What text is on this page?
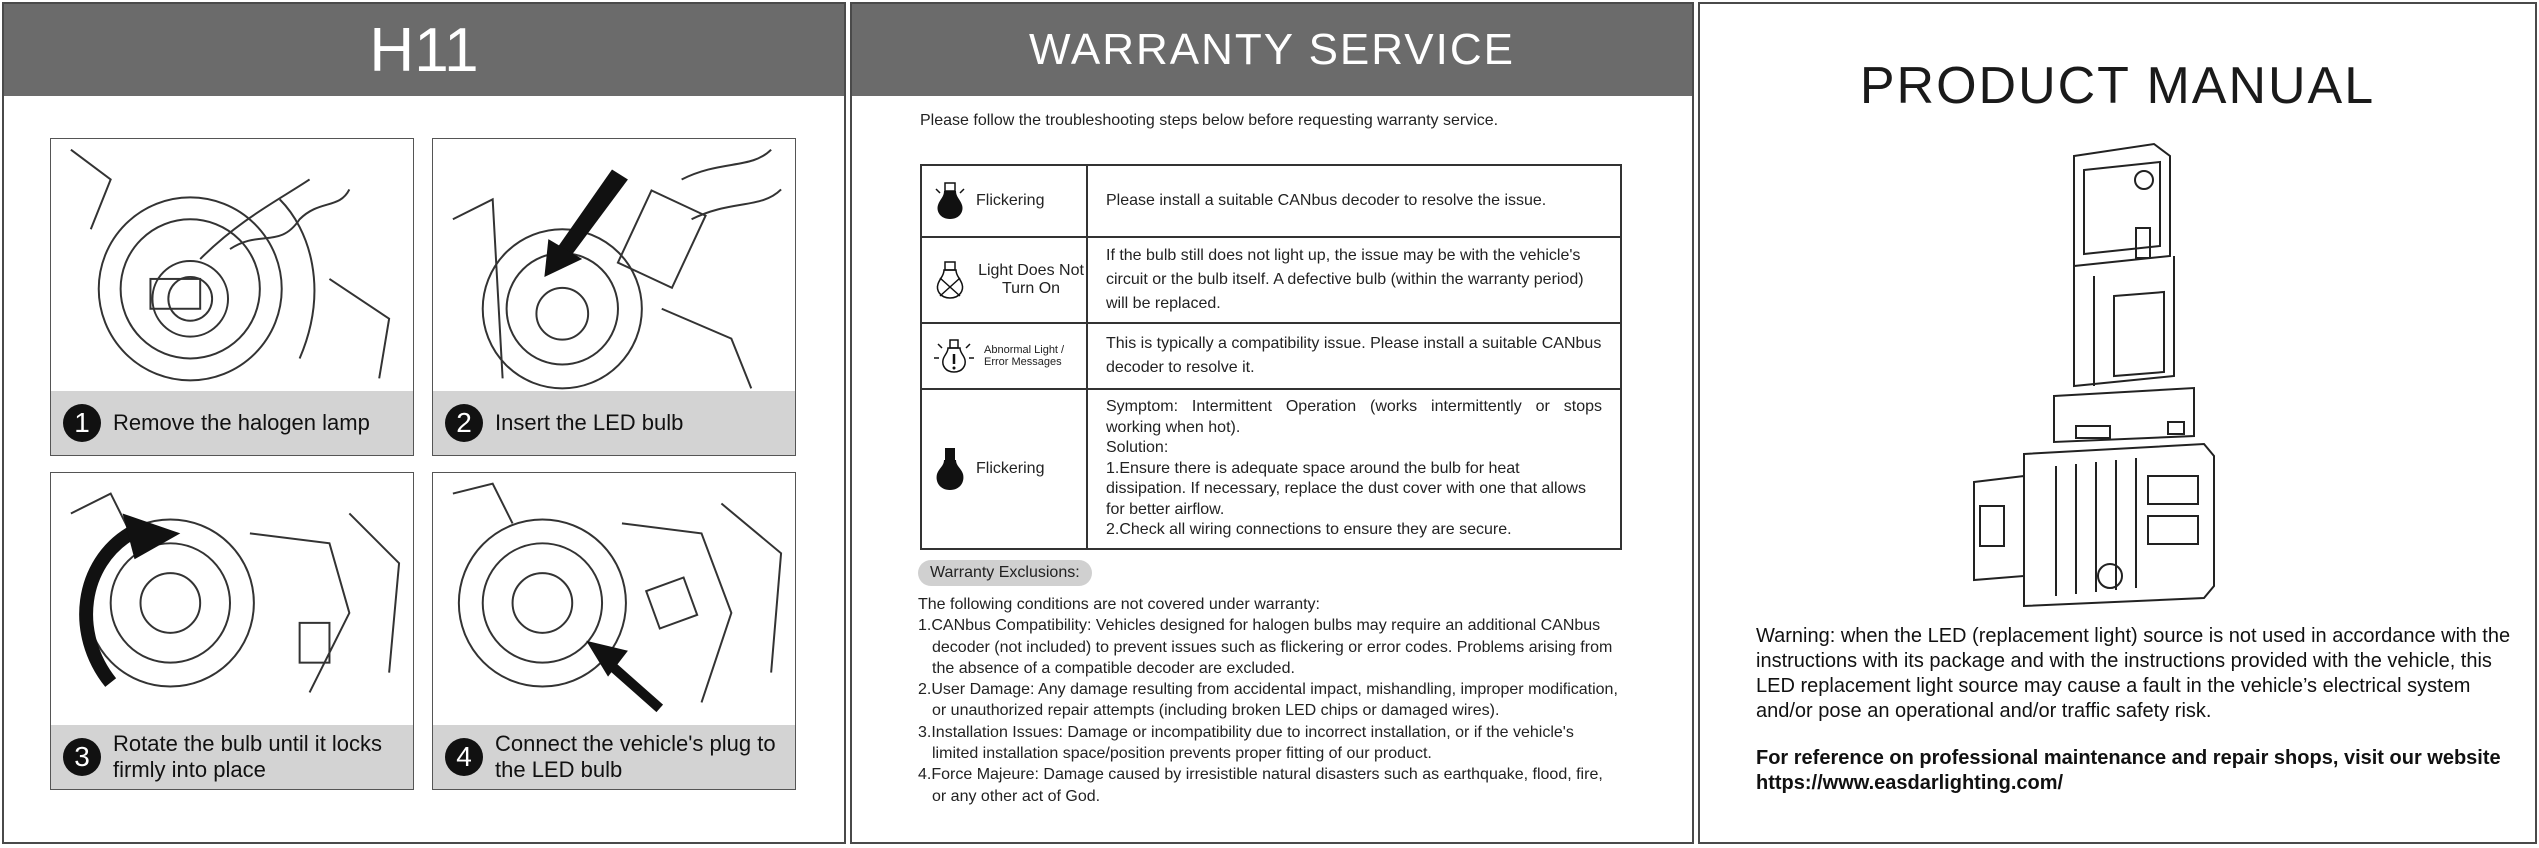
H11
1	Remove the halogen lamp	2	Insert the LED bulb
3	Rotate the bulb until it locks firmly into place	4	Connect the vehicle's plug to the LED bulb
WARRANTY SERVICE
Please follow the troubleshooting steps below before requesting warranty service.
Flickering	Please install a suitable CANbus decoder to resolve the issue.

Light Does Not Turn On	If the bulb still does not light up, the issue may be with the vehicle's circuit or the bulb itself. A defective bulb (within the warranty period) will be replaced.

Abnormal Light / Error Messages	This is typically a compatibility issue. Please install a suitable CANbus decoder to resolve it.

Flickering	Symptom: Intermittent Operation (works intermittently or stops working when hot).
Solution:
1.Ensure there is adequate space around the bulb for heat dissipation. If necessary, replace the dust cover with one that allows for better airflow.
2.Check all wiring connections to ensure they are secure.
Warranty Exclusions:
The following conditions are not covered under warranty:
1.CANbus Compatibility: Vehicles designed for halogen bulbs may require an additional CANbus decoder (not included) to prevent issues such as flickering or error codes. Problems arising from the absence of a compatible decoder are excluded.
2.User Damage: Any damage resulting from accidental impact, mishandling, improper modification, or unauthorized repair attempts (including broken LED chips or damaged wires).
3.Installation Issues: Damage or incompatibility due to incorrect installation, or if the vehicle's limited installation space/position prevents proper fitting of our product.
4.Force Majeure: Damage caused by irresistible natural disasters such as earthquake, flood, fire, or any other act of God.
PRODUCT MANUAL
Warning: when the LED (replacement light) source is not used in accordance with the instructions with its package and with the instructions provided with the vehicle, this LED replacement light source may cause a fault in the vehicle’s electrical system and/or pose an operational and/or traffic safety risk.
For reference on professional maintenance and repair shops, visit our website https://www.easdarlighting.com/
